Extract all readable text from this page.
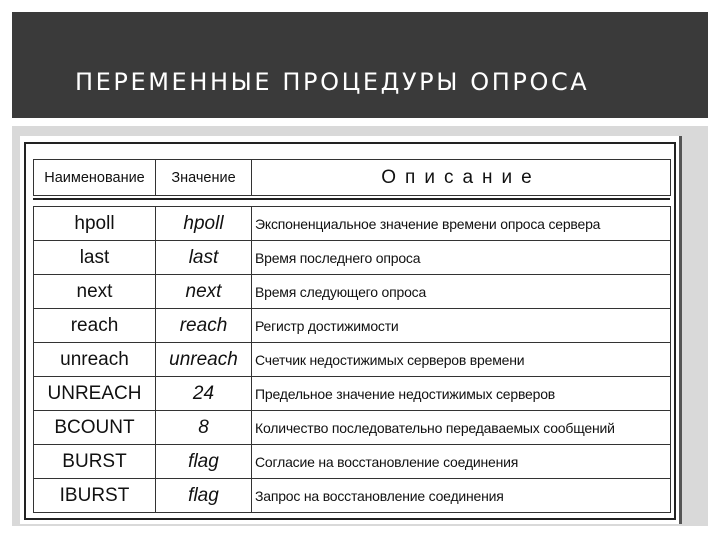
ПЕРЕМЕННЫЕ ПРОЦЕДУРЫ ОПРОСА
Наименование	Значение	Описание
hpoll	hpoll	Экспоненциальное значение времени опроса сервера
last	last	Время последнего опроса
next	next	Время следующего опроса
reach	reach	Регистр достижимости
unreach	unreach	Счетчик недостижимых серверов времени
UNREACH	24	Предельное значение недостижимых серверов
BCOUNT	8	Количество последовательно передаваемых сообщений
BURST	flag	Согласие на восстановление соединения
IBURST	flag	Запрос на восстановление соединения
